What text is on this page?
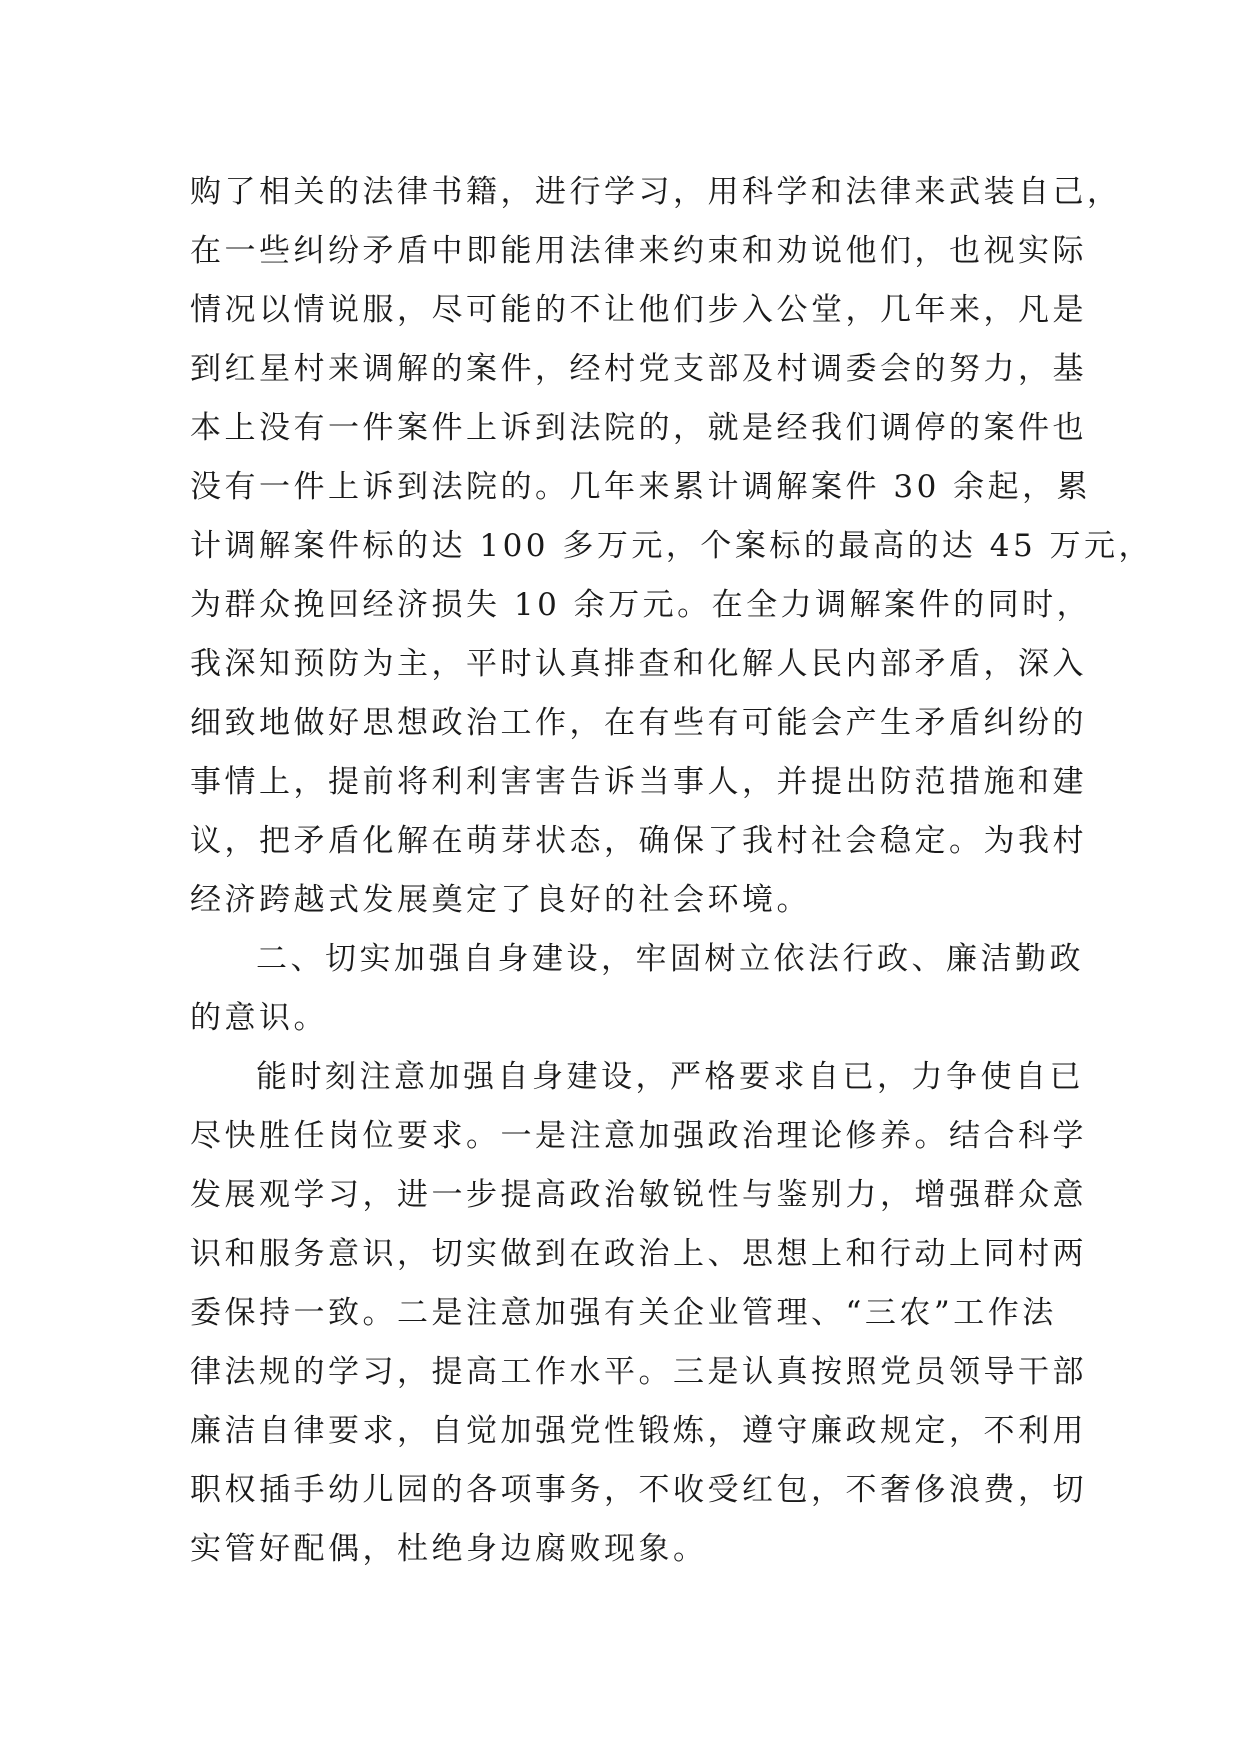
购了相关的法律书籍，进行学习，用科学和法律来武装自己，
在一些纠纷矛盾中即能用法律来约束和劝说他们，也视实际
情况以情说服，尽可能的不让他们步入公堂，几年来，凡是
到红星村来调解的案件，经村党支部及村调委会的努力，基
本上没有一件案件上诉到法院的，就是经我们调停的案件也
没有一件上诉到法院的。几年来累计调解案件 30 余起，累
计调解案件标的达 100 多万元，个案标的最高的达 45 万元，
为群众挽回经济损失 10 余万元。在全力调解案件的同时，
我深知预防为主，平时认真排查和化解人民内部矛盾，深入
细致地做好思想政治工作，在有些有可能会产生矛盾纠纷的
事情上，提前将利利害害告诉当事人，并提出防范措施和建
议，把矛盾化解在萌芽状态，确保了我村社会稳定。为我村
经济跨越式发展奠定了良好的社会环境。
二、切实加强自身建设，牢固树立依法行政、廉洁勤政
的意识。
能时刻注意加强自身建设，严格要求自已，力争使自已
尽快胜任岗位要求。一是注意加强政治理论修养。结合科学
发展观学习，进一步提高政治敏锐性与鉴别力，增强群众意
识和服务意识，切实做到在政治上、思想上和行动上同村两
委保持一致。二是注意加强有关企业管理、“三农”工作法
律法规的学习，提高工作水平。三是认真按照党员领导干部
廉洁自律要求，自觉加强党性锻炼，遵守廉政规定，不利用
职权插手幼儿园的各项事务，不收受红包，不奢侈浪费，切
实管好配偶，杜绝身边腐败现象。
